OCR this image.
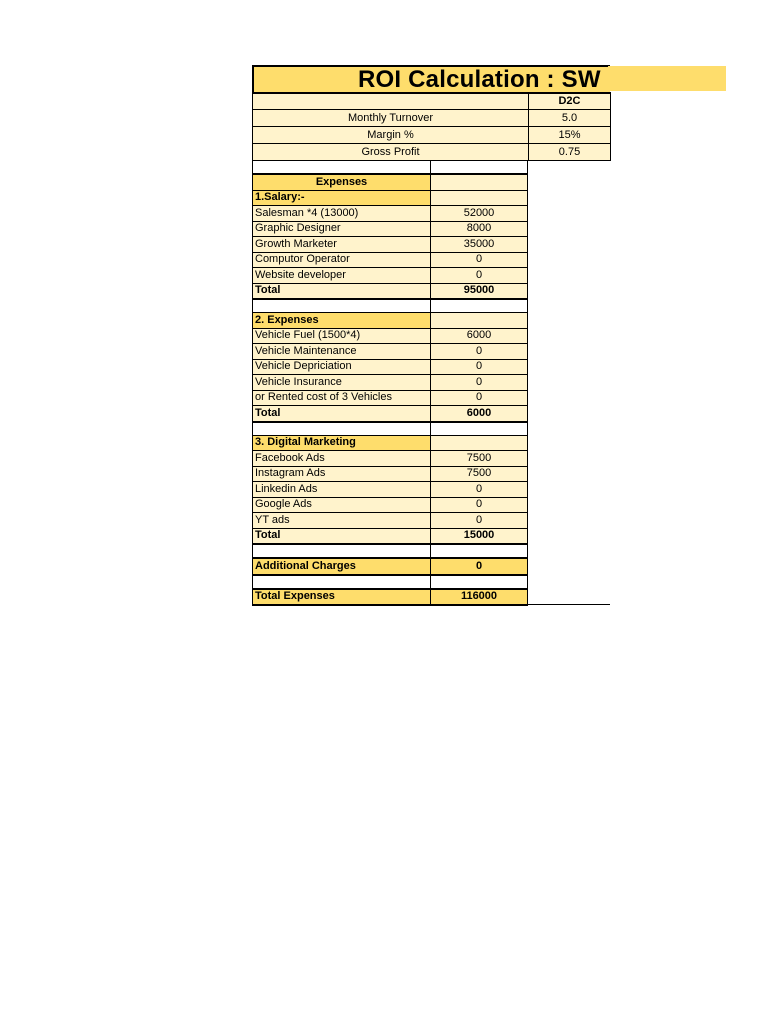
ROI Calculation : SW
	D2C
Monthly Turnover	5.0
Margin %	15%
Gross Profit	0.75

Expenses	
1.Salary:-	
Salesman *4 (13000)	52000
Graphic Designer	8000
Growth Marketer	35000
Computor Operator	0
Website developer	0
Total	95000

2. Expenses	
Vehicle Fuel (1500*4)	6000
Vehicle Maintenance	0
Vehicle Depriciation	0
Vehicle Insurance	0
or Rented cost of 3 Vehicles	0
Total	6000

3. Digital Marketing	
Facebook Ads	7500
Instagram Ads	7500
Linkedin Ads	0
Google Ads	0
YT ads	0
Total	15000

Additional Charges	0

Total Expenses	116000
